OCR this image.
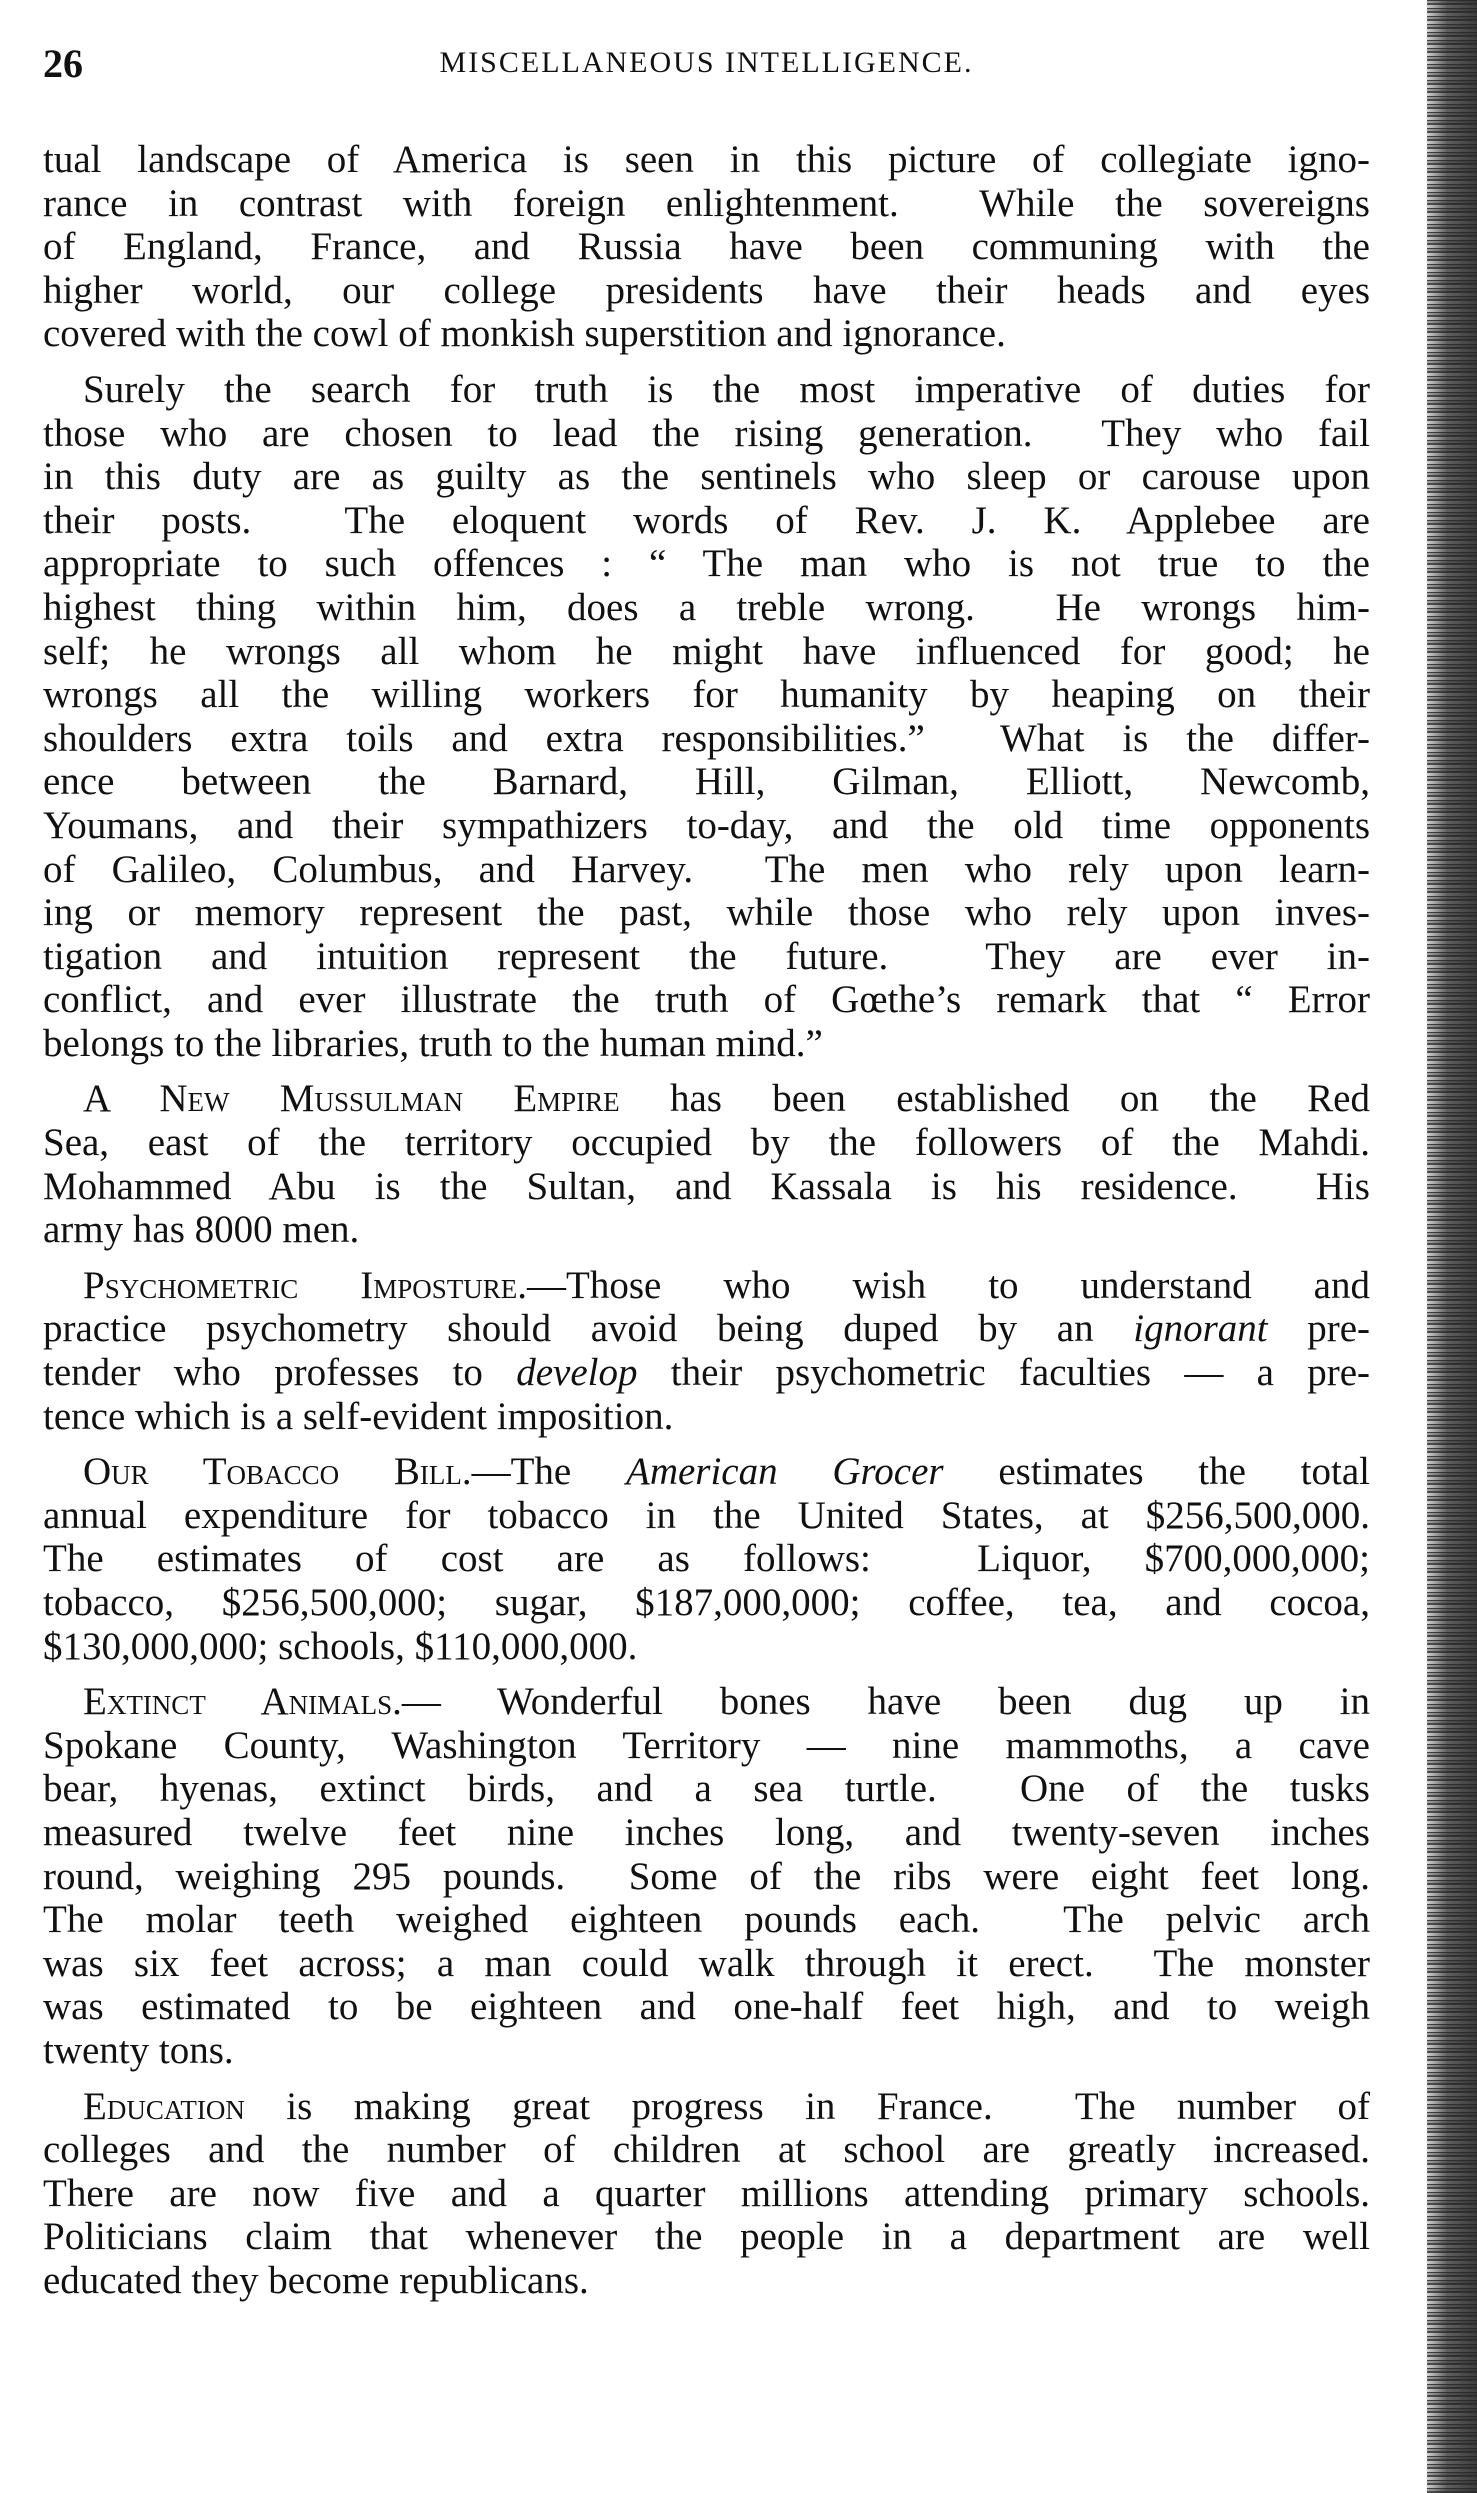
26	MISCELLANEOUS INTELLIGENCE.
tual landscape of America is seen in this picture of collegiate igno-
rance in contrast with foreign enlightenment.  While the sovereigns
of England, France, and Russia have been communing with the
higher world, our college presidents have their heads and eyes
covered with the cowl of monkish superstition and ignorance.
Surely the search for truth is the most imperative of duties for
those who are chosen to lead the rising generation.  They who fail
in this duty are as guilty as the sentinels who sleep or carouse upon
their posts.  The eloquent words of Rev. J. K. Applebee are
appropriate to such offences : “ The man who is not true to the
highest thing within him, does a treble wrong.  He wrongs him-
self; he wrongs all whom he might have influenced for good; he
wrongs all the willing workers for humanity by heaping on their
shoulders extra toils and extra responsibilities.”  What is the differ-
ence between the Barnard, Hill, Gilman, Elliott, Newcomb,
Youmans, and their sympathizers to-day, and the old time opponents
of Galileo, Columbus, and Harvey.  The men who rely upon learn-
ing or memory represent the past, while those who rely upon inves-
tigation and intuition represent the future.  They are ever in-
conflict, and ever illustrate the truth of Gœthe’s remark that “ Error
belongs to the libraries, truth to the human mind.”
A New Mussulman Empire has been established on the Red
Sea, east of the territory occupied by the followers of the Mahdi.
Mohammed Abu is the Sultan, and Kassala is his residence.  His
army has 8000 men.
Psychometric Imposture.—Those who wish to understand and
practice psychometry should avoid being duped by an ignorant pre-
tender who professes to develop their psychometric faculties — a pre-
tence which is a self-evident imposition.
Our Tobacco Bill.—The American Grocer estimates the total
annual expenditure for tobacco in the United States, at $256,500,000.
The estimates of cost are as follows:  Liquor, $700,000,000;
tobacco, $256,500,000; sugar, $187,000,000; coffee, tea, and cocoa,
$130,000,000; schools, $110,000,000.
Extinct Animals.— Wonderful bones have been dug up in
Spokane County, Washington Territory — nine mammoths, a cave
bear, hyenas, extinct birds, and a sea turtle.  One of the tusks
measured twelve feet nine inches long, and twenty-seven inches
round, weighing 295 pounds.  Some of the ribs were eight feet long.
The molar teeth weighed eighteen pounds each.  The pelvic arch
was six feet across; a man could walk through it erect.  The monster
was estimated to be eighteen and one-half feet high, and to weigh
twenty tons.
Education is making great progress in France.  The number of
colleges and the number of children at school are greatly increased.
There are now five and a quarter millions attending primary schools.
Politicians claim that whenever the people in a department are well
educated they become republicans.
